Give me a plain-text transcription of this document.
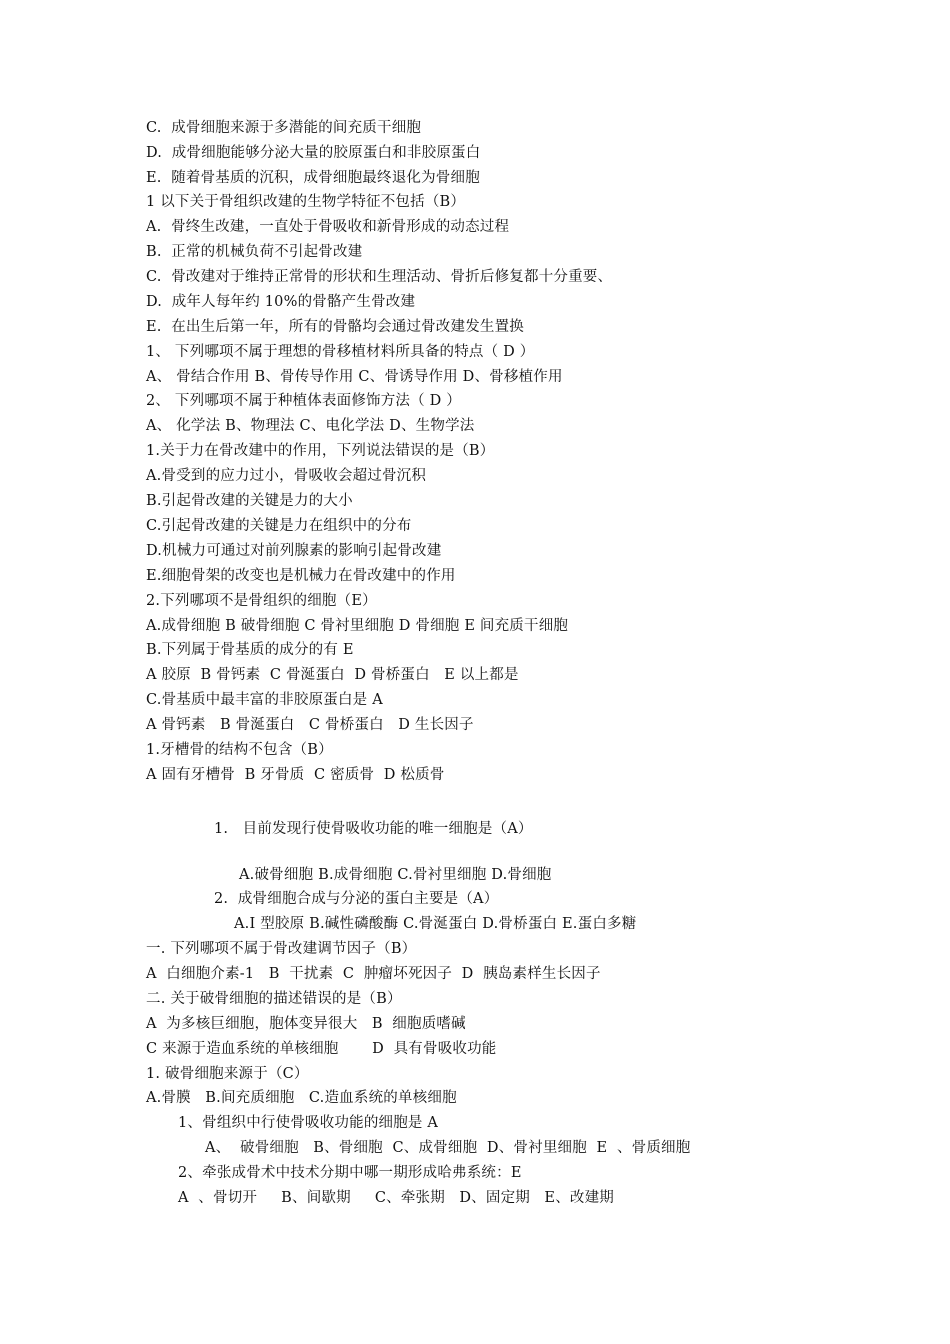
C.  成骨细胞来源于多潜能的间充质干细胞
D.  成骨细胞能够分泌大量的胶原蛋白和非胶原蛋白
E.  随着骨基质的沉积，成骨细胞最终退化为骨细胞
1 以下关于骨组织改建的生物学特征不包括（B）
A.  骨终生改建，一直处于骨吸收和新骨形成的动态过程
B.  正常的机械负荷不引起骨改建
C.  骨改建对于维持正常骨的形状和生理活动、骨折后修复都十分重要、
D.  成年人每年约 10%的骨骼产生骨改建
E.  在出生后第一年，所有的骨骼均会通过骨改建发生置换
1、 下列哪项不属于理想的骨移植材料所具备的特点（ D ）
A、 骨结合作用 B、骨传导作用 C、骨诱导作用 D、骨移植作用
2、 下列哪项不属于种植体表面修饰方法（ D ）
A、 化学法 B、物理法 C、电化学法 D、生物学法
1.关于力在骨改建中的作用，下列说法错误的是（B）
A.骨受到的应力过小，骨吸收会超过骨沉积
B.引起骨改建的关键是力的大小
C.引起骨改建的关键是力在组织中的分布
D.机械力可通过对前列腺素的影响引起骨改建
E.细胞骨架的改变也是机械力在骨改建中的作用
2.下列哪项不是骨组织的细胞（E）
A.成骨细胞 B 破骨细胞 C 骨衬里细胞 D 骨细胞 E 间充质干细胞
B.下列属于骨基质的成分的有 E
A 胶原  B 骨钙素  C 骨涎蛋白  D 骨桥蛋白   E 以上都是
C.骨基质中最丰富的非胶原蛋白是 A
A 骨钙素   B 骨涎蛋白   C 骨桥蛋白   D 生长因子
1.牙槽骨的结构不包含（B）
A 固有牙槽骨  B 牙骨质  C 密质骨  D 松质骨
1.   目前发现行使骨吸收功能的唯一细胞是（A）
A.破骨细胞 B.成骨细胞 C.骨衬里细胞 D.骨细胞
2.  成骨细胞合成与分泌的蛋白主要是（A）
A.I 型胶原 B.碱性磷酸酶 C.骨涎蛋白 D.骨桥蛋白 E.蛋白多糖
一. 下列哪项不属于骨改建调节因子（B）
A  白细胞介素-1   B  干扰素  C  肿瘤坏死因子  D  胰岛素样生长因子
二. 关于破骨细胞的描述错误的是（B）
A  为多核巨细胞，胞体变异很大   B  细胞质嗜碱
C 来源于造血系统的单核细胞       D  具有骨吸收功能
1. 破骨细胞来源于（C）
A.骨膜   B.间充质细胞   C.造血系统的单核细胞
1、骨组织中行使骨吸收功能的细胞是 A
A、  破骨细胞   B、骨细胞  C、成骨细胞  D、骨衬里细胞  E  、骨质细胞
2、牵张成骨术中技术分期中哪一期形成哈弗系统：E
A  、骨切开     B、间歇期     C、牵张期   D、固定期   E、改建期
